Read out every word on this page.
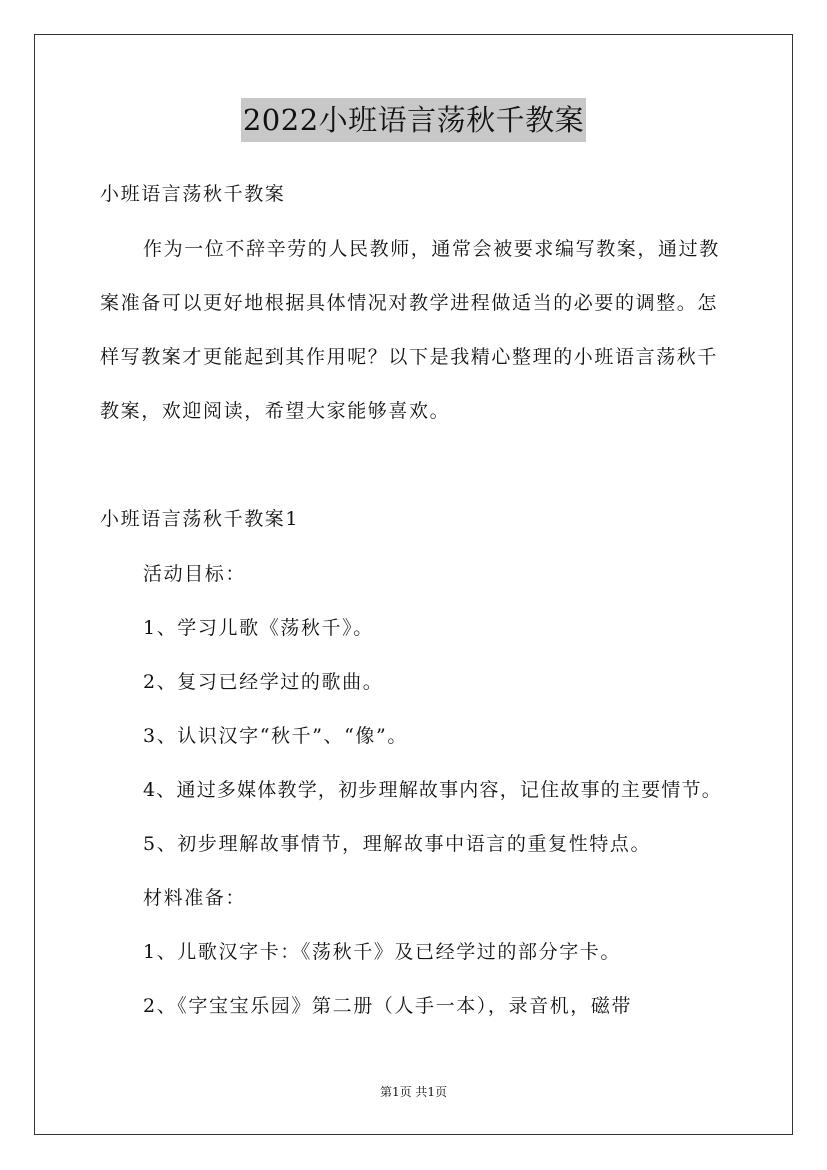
2022小班语言荡秋千教案
小班语言荡秋千教案
作为一位不辞辛劳的人民教师，通常会被要求编写教案，通过教
案准备可以更好地根据具体情况对教学进程做适当的必要的调整。怎
样写教案才更能起到其作用呢？以下是我精心整理的小班语言荡秋千
教案，欢迎阅读，希望大家能够喜欢。
小班语言荡秋千教案1
活动目标：
1、学习儿歌《荡秋千》。
2、复习已经学过的歌曲。
3、认识汉字“秋千”、“像”。
4、通过多媒体教学，初步理解故事内容，记住故事的主要情节。
5、初步理解故事情节，理解故事中语言的重复性特点。
材料准备：
1、儿歌汉字卡：《荡秋千》及已经学过的部分字卡。
2、《字宝宝乐园》第二册（人手一本），录音机，磁带
第1页 共1页
